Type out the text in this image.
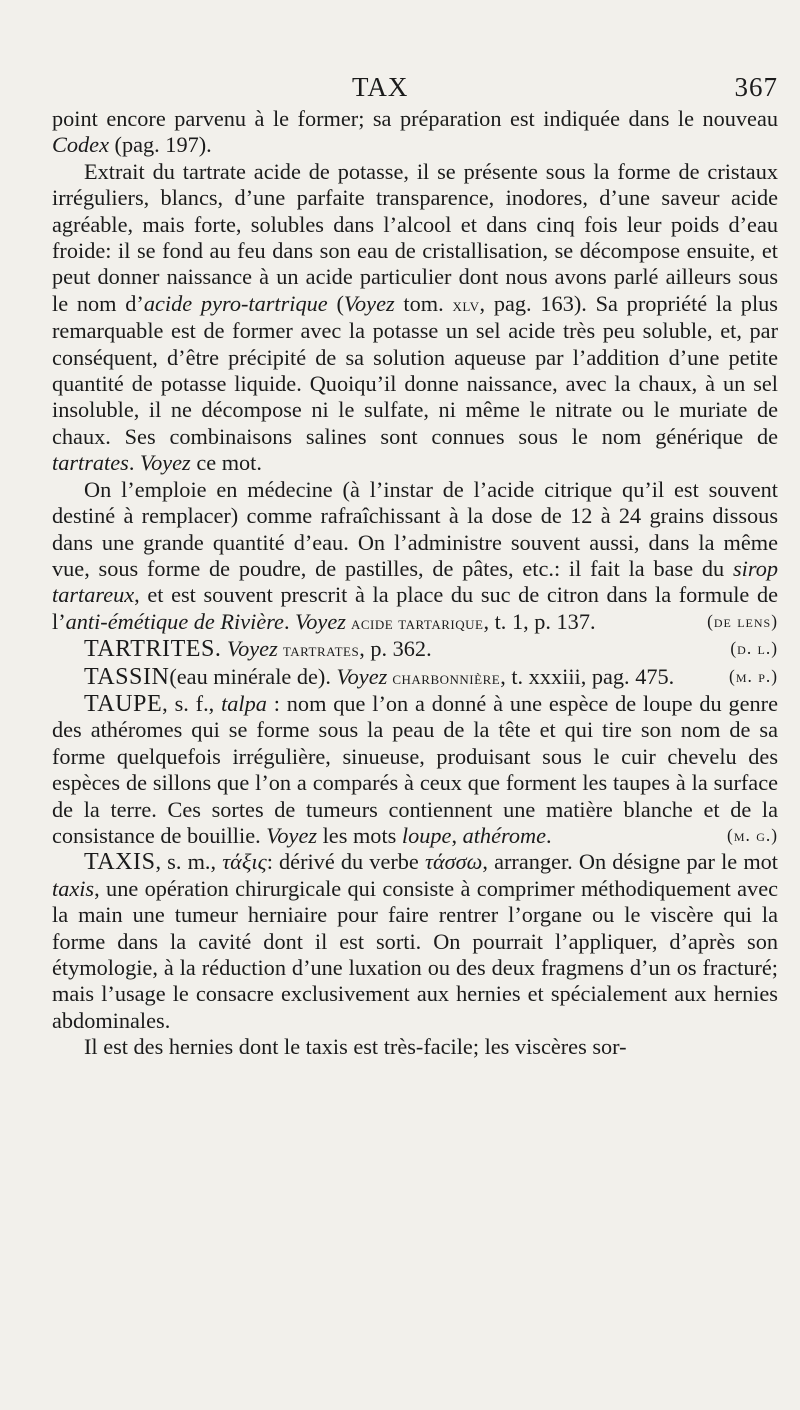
TAX	367

point encore parvenu à le former; sa préparation est indiquée dans le nouveau Codex (pag. 197).

Extrait du tartrate acide de potasse, il se présente sous la forme de cristaux irréguliers, blancs, d’une parfaite transparence, inodores, d’une saveur acide agréable, mais forte, solubles dans l’alcool et dans cinq fois leur poids d’eau froide: il se fond au feu dans son eau de cristallisation, se décompose ensuite, et peut donner naissance à un acide particulier dont nous avons parlé ailleurs sous le nom d’acide pyro-tartrique (Voyez tom. xlv, pag. 163). Sa propriété la plus remarquable est de former avec la potasse un sel acide très peu soluble, et, par conséquent, d’être précipité de sa solution aqueuse par l’addition d’une petite quantité de potasse liquide. Quoiqu’il donne naissance, avec la chaux, à un sel insoluble, il ne décompose ni le sulfate, ni même le nitrate ou le muriate de chaux. Ses combinaisons salines sont connues sous le nom générique de tartrates. Voyez ce mot.

On l’emploie en médecine (à l’instar de l’acide citrique qu’il est souvent destiné à remplacer) comme rafraîchissant à la dose de 12 à 24 grains dissous dans une grande quantité d’eau. On l’administre souvent aussi, dans la même vue, sous forme de poudre, de pastilles, de pâtes, etc.: il fait la base du sirop tartareux, et est souvent prescrit à la place du suc de citron dans la formule de l’anti-émétique de Rivière. Voyez acide tartarique, t. 1, p. 137.	(de lens)

TARTRITES. Voyez tartrates, p. 362.	(d. l.)

TASSIN(eau minérale de). Voyez charbonnière, t. xxxiii, pag. 475.	(m. p.)

TAUPE, s. f., talpa : nom que l’on a donné à une espèce de loupe du genre des athéromes qui se forme sous la peau de la tête et qui tire son nom de sa forme quelquefois irrégulière, sinueuse, produisant sous le cuir chevelu des espèces de sillons que l’on a comparés à ceux que forment les taupes à la surface de la terre. Ces sortes de tumeurs contiennent une matière blanche et de la consistance de bouillie. Voyez les mots loupe, athérome.	(m. g.)

TAXIS, s. m., τάξις: dérivé du verbe τάσσω, arranger. On désigne par le mot taxis, une opération chirurgicale qui consiste à comprimer méthodiquement avec la main une tumeur herniaire pour faire rentrer l’organe ou le viscère qui la forme dans la cavité dont il est sorti. On pourrait l’appliquer, d’après son étymologie, à la réduction d’une luxation ou des deux fragmens d’un os fracturé; mais l’usage le consacre exclusivement aux hernies et spécialement aux hernies abdominales.

Il est des hernies dont le taxis est très-facile; les viscères sor-
